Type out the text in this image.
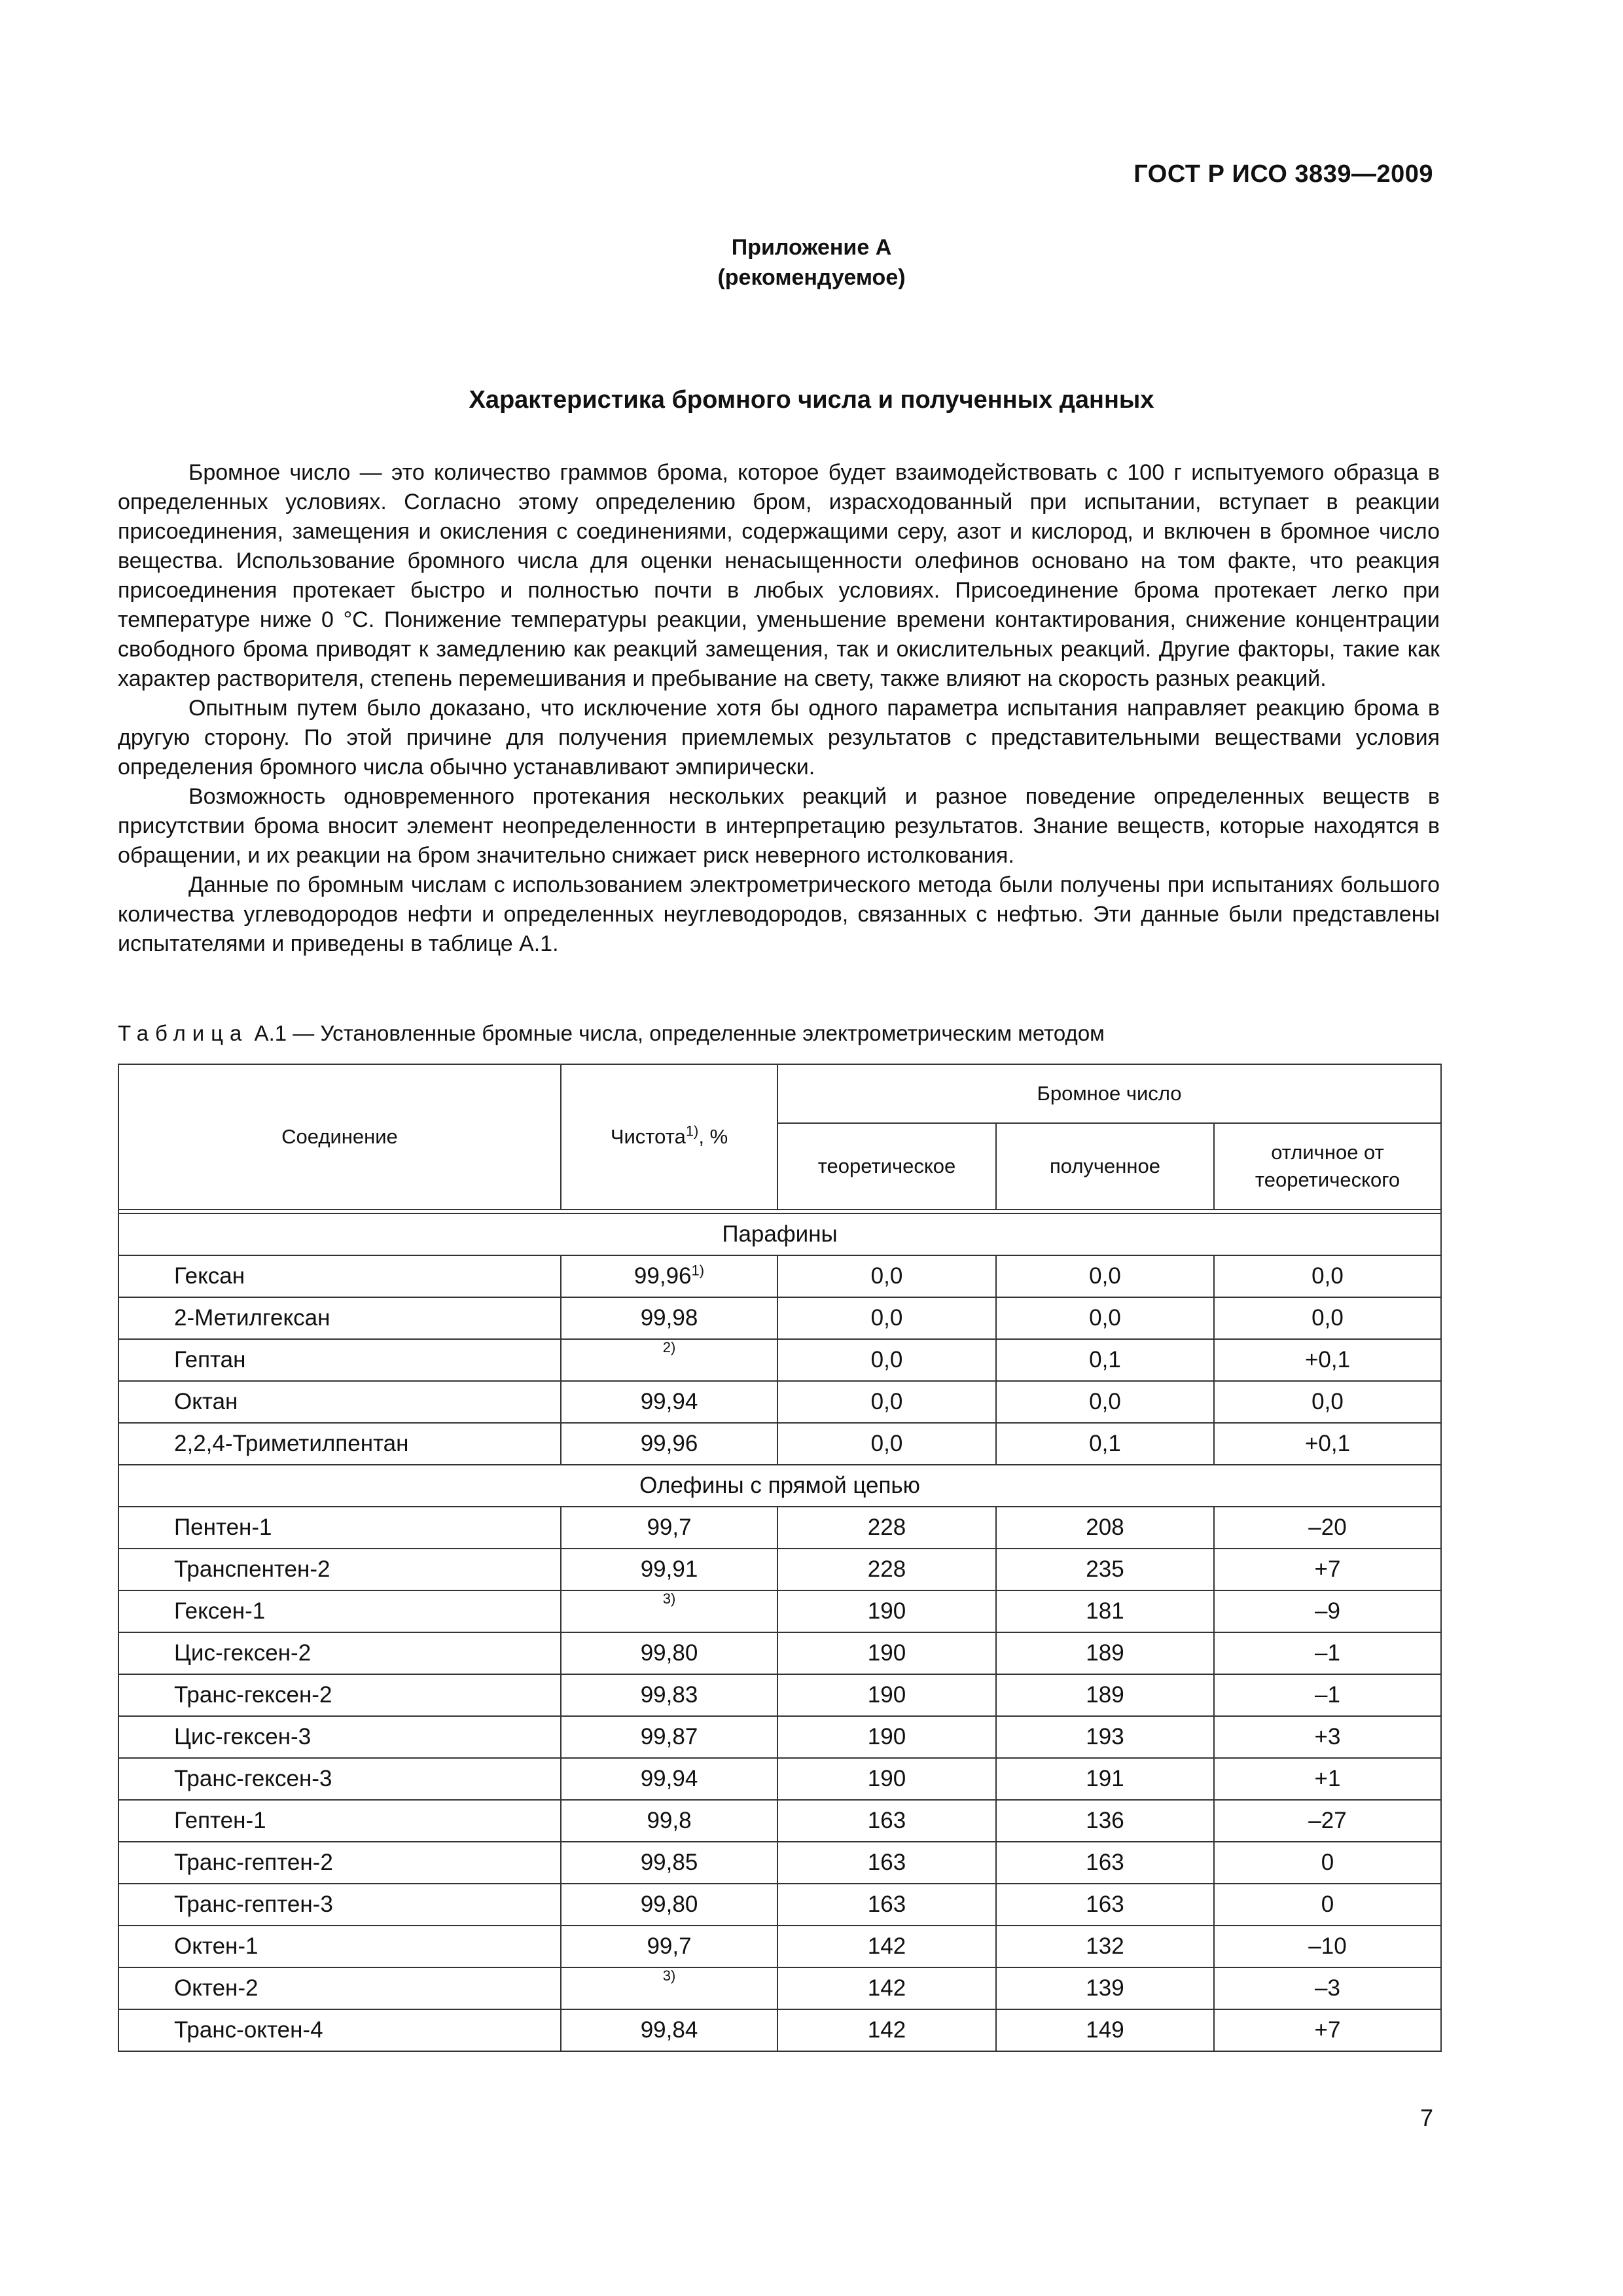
ГОСТ Р ИСО 3839—2009
Приложение А
(рекомендуемое)
Характеристика бромного числа и полученных данных

Бромное число — это количество граммов брома, которое будет взаимодействовать с 100 г испытуемого образца в определенных условиях. Согласно этому определению бром, израсходованный при испытании, вступает в реакции присоединения, замещения и окисления с соединениями, содержащими серу, азот и кислород, и включен в бромное число вещества. Использование бромного числа для оценки ненасыщенности олефинов основано на том факте, что реакция присоединения протекает быстро и полностью почти в любых условиях. Присоединение брома протекает легко при температуре ниже 0 °С. Понижение температуры реакции, уменьшение времени контактирования, снижение концентрации свободного брома приводят к замедлению как реакций замещения, так и окислительных реакций. Другие факторы, такие как характер растворителя, степень перемешивания и пребывание на свету, также влияют на скорость разных реакций.

Опытным путем было доказано, что исключение хотя бы одного параметра испытания направляет реакцию брома в другую сторону. По этой причине для получения приемлемых результатов с представительными веществами условия определения бромного числа обычно устанавливают эмпирически.

Возможность одновременного протекания нескольких реакций и разное поведение определенных веществ в присутствии брома вносит элемент неопределенности в интерпретацию результатов. Знание веществ, которые находятся в обращении, и их реакции на бром значительно снижает риск неверного истолкования.

Данные по бромным числам с использованием электрометрического метода были получены при испытаниях большого количества углеводородов нефти и определенных неуглеводородов, связанных с нефтью. Эти данные были представлены испытателями и приведены в таблице А.1.

Таблица А.1 — Установленные бромные числа, определенные электрометрическим методом
Соединение	Чистота$^{1)}$, %	Бромное число		
		теоретическое	полученное	отличное от теоретического

Парафины				
Гексан	99,96$^{1)}$	0,0	0,0	0,0
2-Метилгексан	99,98	0,0	0,0	0,0
Гептан	$^{2)}$	0,0	0,1	+0,1
Октан	99,94	0,0	0,0	0,0
2,2,4-Триметилпентан	99,96	0,0	0,1	+0,1
Олефины с прямой цепью				
Пентен-1	99,7	228	208	–20
Транспентен-2	99,91	228	235	+7
Гексен-1	$^{3)}$	190	181	–9
Цис-гексен-2	99,80	190	189	–1
Транс-гексен-2	99,83	190	189	–1
Цис-гексен-3	99,87	190	193	+3
Транс-гексен-3	99,94	190	191	+1
Гептен-1	99,8	163	136	–27
Транс-гептен-2	99,85	163	163	0
Транс-гептен-3	99,80	163	163	0
Октен-1	99,7	142	132	–10
Октен-2	$^{3)}$	142	139	–3
Транс-октен-4	99,84	142	149	+7
7
